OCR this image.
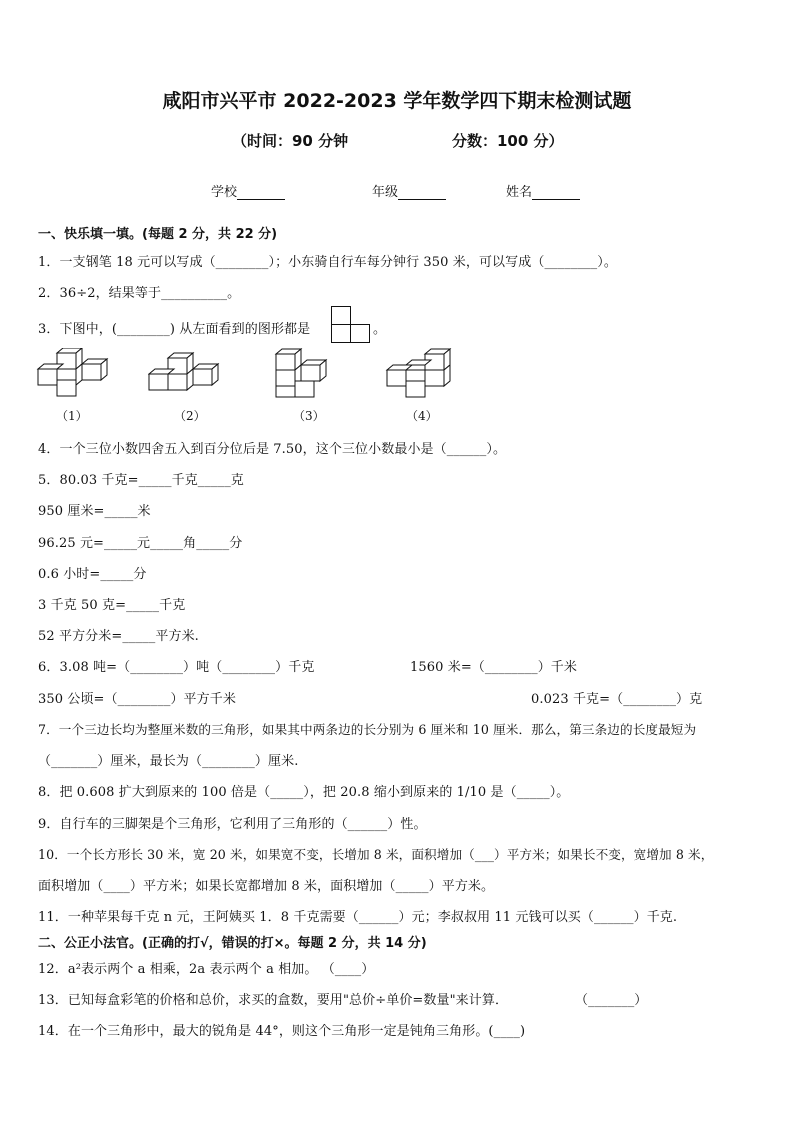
咸阳市兴平市 2022-2023 学年数学四下期末检测试题
（时间：90 分钟	分数：100 分）
学校	年级	姓名
一、快乐填一填。(每题 2 分，共 22 分)
1．一支钢笔 18 元可以写成（________）；小东骑自行车每分钟行 350 米，可以写成（________）。
2．36÷2，结果等于__________。
3．下图中，(________) 从左面看到的图形都是	。
（1）	（2）	（3）	（4）
4．一个三位小数四舍五入到百分位后是 7.50，这个三位小数最小是（______）。
5．80.03 千克=_____千克_____克
950 厘米=_____米
96.25 元=_____元_____角_____分
0.6 小时=_____分
3 千克 50 克=_____千克
52 平方分米=_____平方米.
6．3.08 吨=（________）吨（________）千克	1560 米=（________）千米
350 公顷=（________）平方千米	0.023 千克=（________）克
7．一个三边长均为整厘米数的三角形，如果其中两条边的长分别为 6 厘米和 10 厘米．那么，第三条边的长度最短为
（_______）厘米，最长为（________）厘米.
8．把 0.608 扩大到原来的 100 倍是（_____），把 20.8 缩小到原来的 1/10 是（_____）。
9．自行车的三脚架是个三角形，它利用了三角形的（______）性。
10．一个长方形长 30 米，宽 20 米，如果宽不变，长增加 8 米，面积增加（___）平方米；如果长不变，宽增加 8 米，
面积增加（____）平方米；如果长宽都增加 8 米，面积增加（_____）平方米。
11．一种苹果每千克 n 元，王阿姨买 1．8 千克需要（______）元；李叔叔用 11 元钱可以买（______）千克.
二、公正小法官。(正确的打√，错误的打×。每题 2 分，共 14 分)
12．a²表示两个 a 相乘，2a 表示两个 a 相加。 （____）
13．已知每盒彩笔的价格和总价，求买的盒数，要用"总价÷单价=数量"来计算．	（_______）
14．在一个三角形中，最大的锐角是 44°，则这个三角形一定是钝角三角形。(____)
